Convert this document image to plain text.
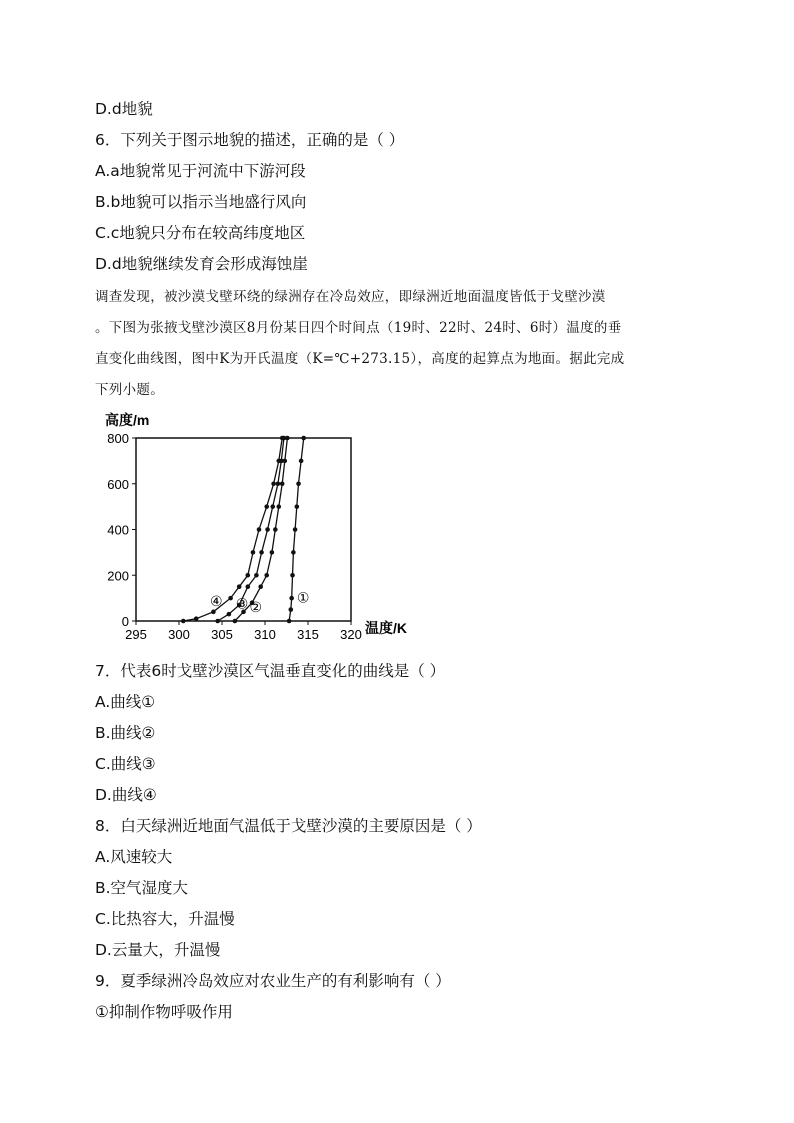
D.d地貌
6．下列关于图示地貌的描述，正确的是（ ）
A.a地貌常见于河流中下游河段
B.b地貌可以指示当地盛行风向
C.c地貌只分布在较高纬度地区
D.d地貌继续发育会形成海蚀崖
调查发现，被沙漠戈壁环绕的绿洲存在冷岛效应，即绿洲近地面温度皆低于戈壁沙漠
。下图为张掖戈壁沙漠区8月份某日四个时间点（19时、22时、24时、6时）温度的垂
直变化曲线图，图中K为开氏温度（K=℃+273.15），高度的起算点为地面。据此完成
下列小题。
高度/m
295 300 305 310 315 320
0
200
400
600
800
①
②
③
④
温度/K
7．代表6时戈壁沙漠区气温垂直变化的曲线是（ ）
A.曲线①
B.曲线②
C.曲线③
D.曲线④
8．白天绿洲近地面气温低于戈壁沙漠的主要原因是（ ）
A.风速较大
B.空气湿度大
C.比热容大，升温慢
D.云量大，升温慢
9．夏季绿洲冷岛效应对农业生产的有利影响有（ ）
①抑制作物呼吸作用
